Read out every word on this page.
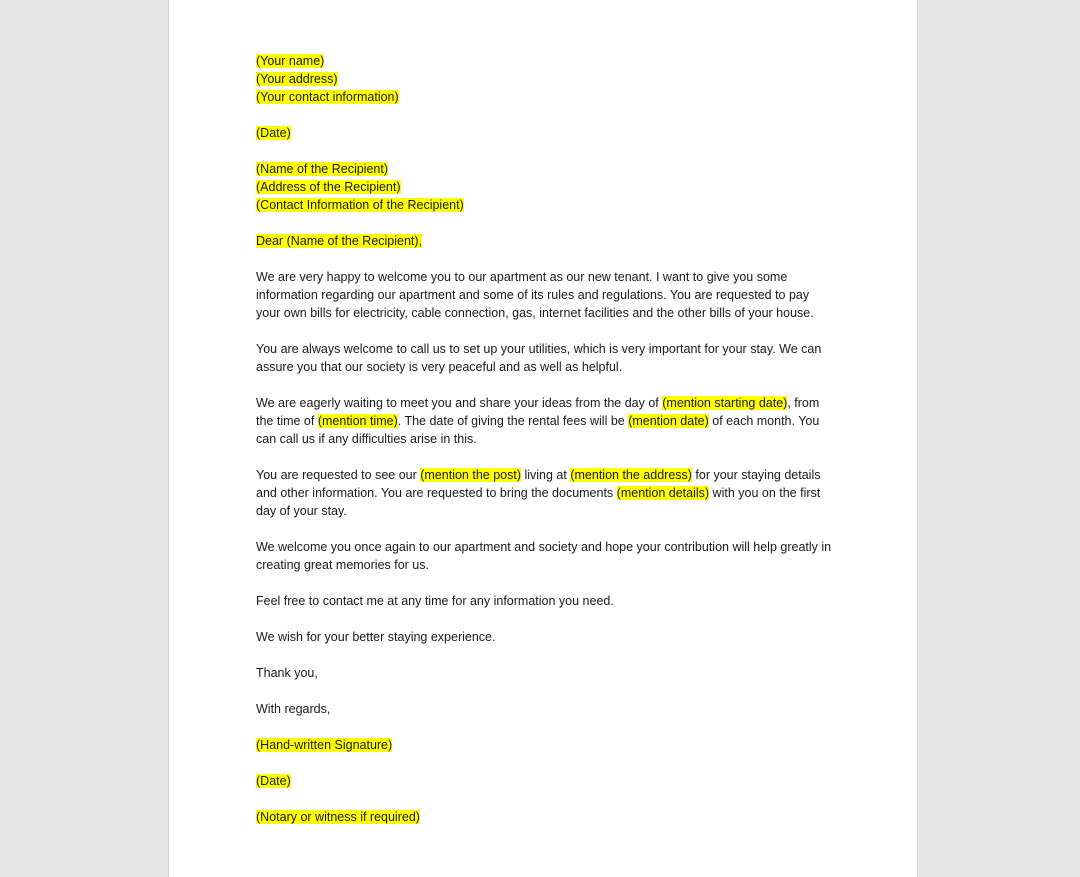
(Your name)
(Your address)
(Your contact information)
(Date)
(Name of the Recipient)
(Address of the Recipient)
(Contact Information of the Recipient)

Dear (Name of the Recipient),

We are very happy to welcome you to our apartment as our new tenant. I want to give you some information regarding our apartment and some of its rules and regulations. You are requested to pay your own bills for electricity, cable connection, gas, internet facilities and the other bills of your house.

You are always welcome to call us to set up your utilities, which is very important for your stay. We can assure you that our society is very peaceful and as well as helpful.

We are eagerly waiting to meet you and share your ideas from the day of (mention starting date), from the time of (mention time). The date of giving the rental fees will be (mention date) of each month. You can call us if any difficulties arise in this.

You are requested to see our (mention the post) living at (mention the address) for your staying details and other information. You are requested to bring the documents (mention details) with you on the first day of your stay.

We welcome you once again to our apartment and society and hope your contribution will help greatly in creating great memories for us.

Feel free to contact me at any time for any information you need.

We wish for your better staying experience.

Thank you,

With regards,

(Hand-written Signature)

(Date)

(Notary or witness if required)
